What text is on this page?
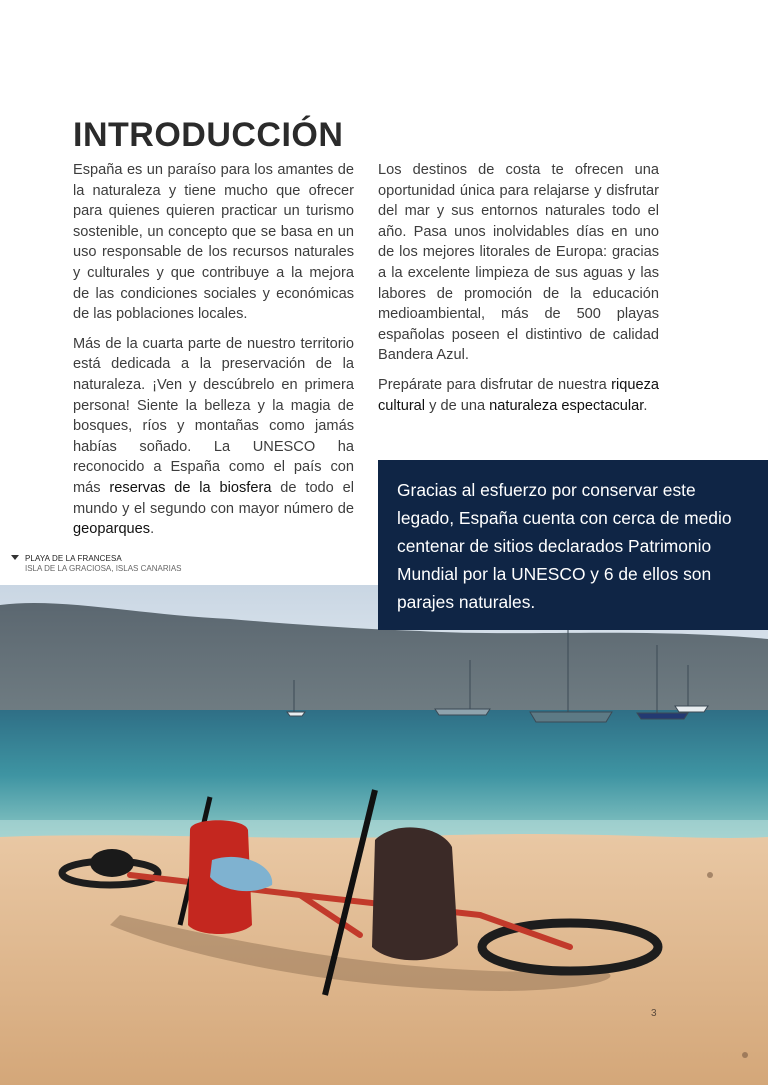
INTRODUCCIÓN

España es un paraíso para los amantes de la naturaleza y tiene mucho que ofrecer para quienes quieren practicar un turismo sostenible, un concepto que se basa en un uso responsable de los recursos naturales y culturales y que contribuye a la mejora de las condiciones sociales y económicas de las poblaciones locales.

Más de la cuarta parte de nuestro territorio está dedicada a la preservación de la naturaleza. ¡Ven y descúbrelo en primera persona! Siente la belleza y la magia de bosques, ríos y montañas como jamás habías soñado. La UNESCO ha reconocido a España como el país con más reservas de la biosfera de todo el mundo y el segundo con mayor número de geoparques.

Los destinos de costa te ofrecen una oportunidad única para relajarse y disfrutar del mar y sus entornos naturales todo el año. Pasa unos inolvidables días en uno de los mejores litorales de Europa: gracias a la excelente limpieza de sus aguas y las labores de promoción de la educación medioambiental, más de 500 playas españolas poseen el distintivo de calidad Bandera Azul.

Prepárate para disfrutar de nuestra riqueza cultural y de una naturaleza espectacular.

Gracias al esfuerzo por conservar este legado, España cuenta con cerca de medio centenar de sitios declarados Patrimonio Mundial por la UNESCO y 6 de ellos son parajes naturales.
PLAYA DE LA FRANCESA
ISLA DE LA GRACIOSA, ISLAS CANARIAS
3
